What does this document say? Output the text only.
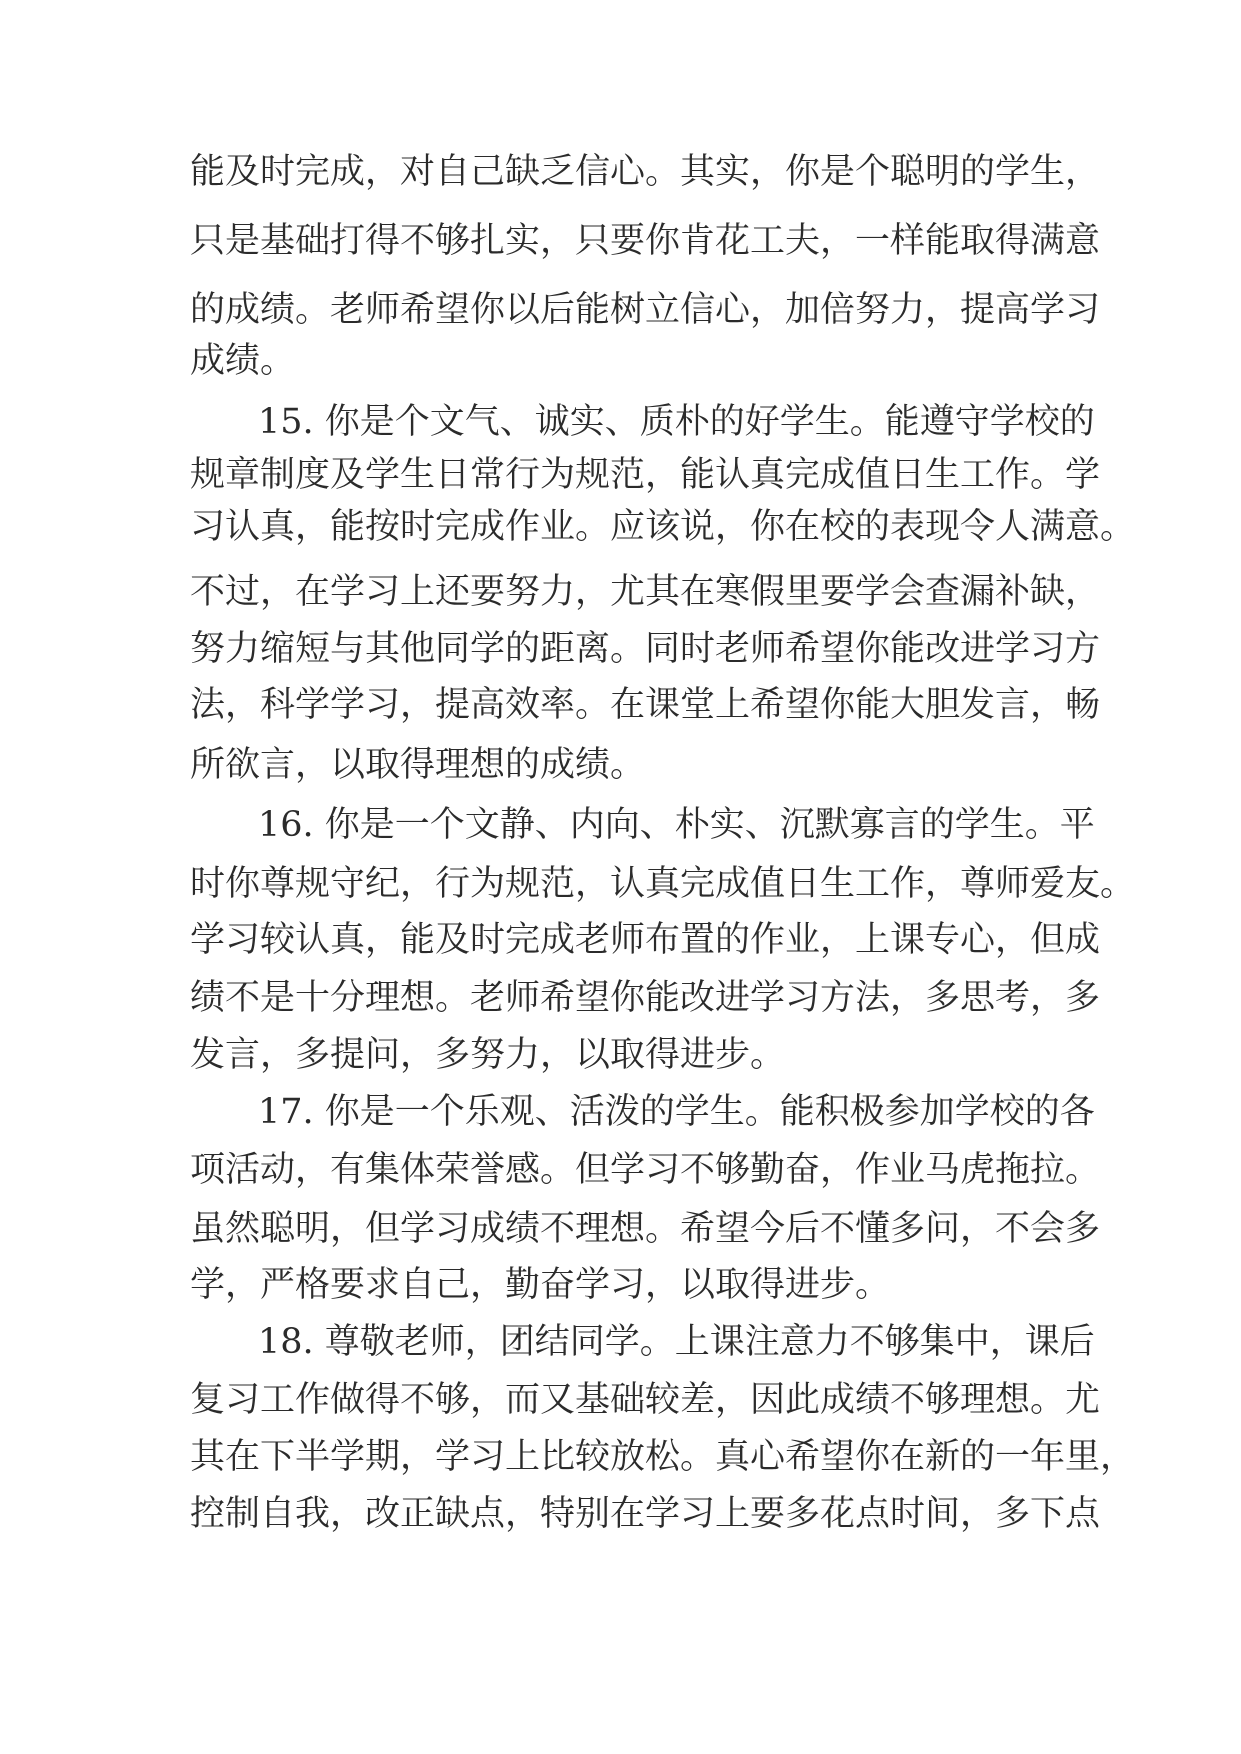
能及时完成，对自己缺乏信心。其实，你是个聪明的学生，
只是基础打得不够扎实，只要你肯花工夫，一样能取得满意
的成绩。老师希望你以后能树立信心，加倍努力，提高学习
成绩。
15. 你是个文气、诚实、质朴的好学生。能遵守学校的
规章制度及学生日常行为规范，能认真完成值日生工作。学
习认真，能按时完成作业。应该说，你在校的表现令人满意。
不过，在学习上还要努力，尤其在寒假里要学会查漏补缺，
努力缩短与其他同学的距离。同时老师希望你能改进学习方
法，科学学习，提高效率。在课堂上希望你能大胆发言，畅
所欲言，以取得理想的成绩。
16. 你是一个文静、内向、朴实、沉默寡言的学生。平
时你尊规守纪，行为规范，认真完成值日生工作，尊师爱友。
学习较认真，能及时完成老师布置的作业，上课专心，但成
绩不是十分理想。老师希望你能改进学习方法，多思考，多
发言，多提问，多努力，以取得进步。
17. 你是一个乐观、活泼的学生。能积极参加学校的各
项活动，有集体荣誉感。但学习不够勤奋，作业马虎拖拉。
虽然聪明，但学习成绩不理想。希望今后不懂多问，不会多
学，严格要求自己，勤奋学习，以取得进步。
18. 尊敬老师，团结同学。上课注意力不够集中，课后
复习工作做得不够，而又基础较差，因此成绩不够理想。尤
其在下半学期，学习上比较放松。真心希望你在新的一年里，
控制自我，改正缺点，特别在学习上要多花点时间，多下点
